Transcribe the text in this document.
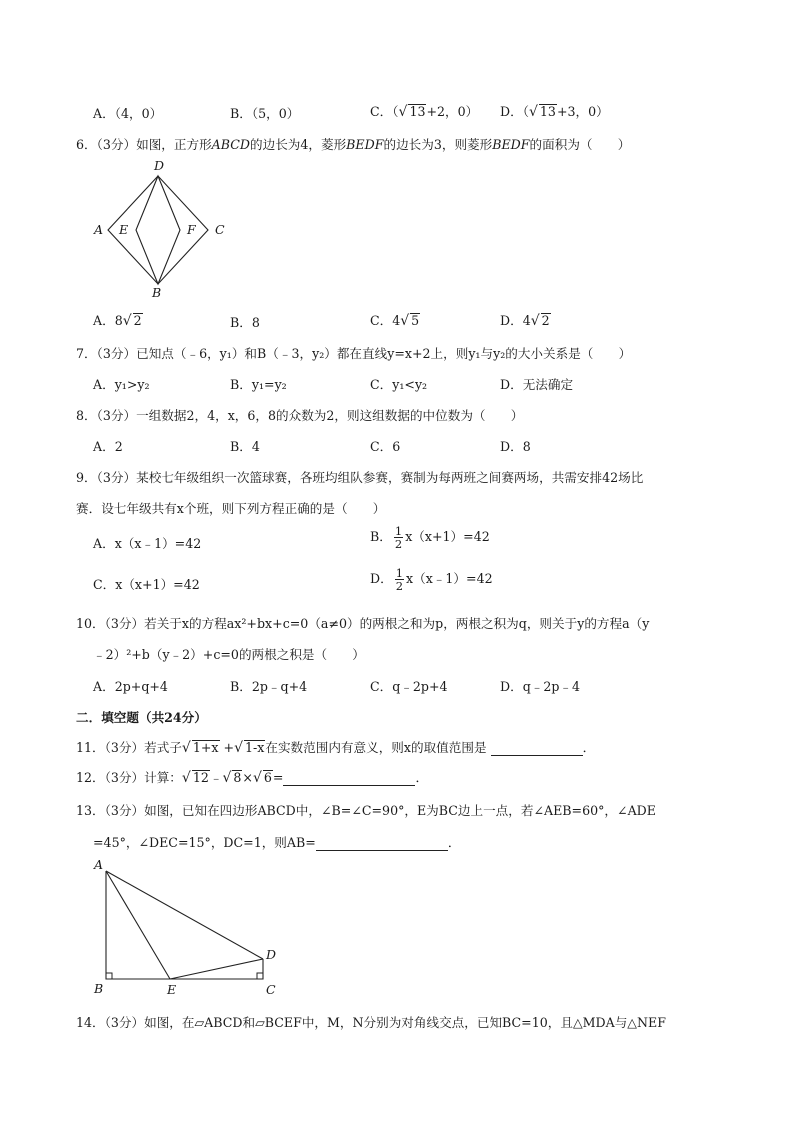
A．（4，0）	B．（5，0）	C．（√ 13+2，0） D．（√ 13+3，0）
6．（3分）如图，正方形ABCD的边长为4，菱形BEDF的边长为3，则菱形BEDF的面积为（　　）
D
A E	F C
B
A．8√ 2	B．8	C．4√ 5	D．4√ 2
7．（3分）已知点（﹣6，y₁）和B（﹣3，y₂）都在直线y=x+2上，则y₁与y₂的大小关系是（　　）
A．y₁>y₂	B．y₁=y₂	C．y₁<y₂	D．无法确定
8．（3分）一组数据2，4，x，6，8的众数为2，则这组数据的中位数为（　　）
A．2	B．4	C．6	D．8
9．（3分）某校七年级组织一次篮球赛，各班均组队参赛，赛制为每两班之间赛两场，共需安排42场比
赛．设七年级共有x个班，则下列方程正确的是（　　）
A．x（x﹣1）=42	B． $\frac{1}{2} x(x+1)=42$
C．x（x+1）=42	D． $\frac{1}{2}$ x（x﹣1）=42
10．（3分）若关于x的方程ax²+bx+c=0（a≠0）的两根之和为p，两根之积为q，则关于y的方程a（y
﹣2）²+b（y﹣2）+c=0的两根之积是（　　）
A．2p+q+4	B．2p﹣q+4	C．q﹣2p+4	D．q﹣2p﹣4
二．填空题（共24分）
11．（3分）若式子√ 1+x +√ 1-x在实数范围内有意义，则x的取值范围是	．
12．（3分）计算：√ 12﹣√ 8×√ 6=	．
13．（3分）如图，已知在四边形ABCD中，∠B=∠C=90°，E为BC边上一点，若∠AEB=60°，∠ADE
=45°，∠DEC=15°，DC=1，则AB=	．
A
B	E	C
D
14．（3分）如图，在▱ABCD和▱BCEF中，M，N分别为对角线交点，已知BC=10，且△MDA与△NEF
